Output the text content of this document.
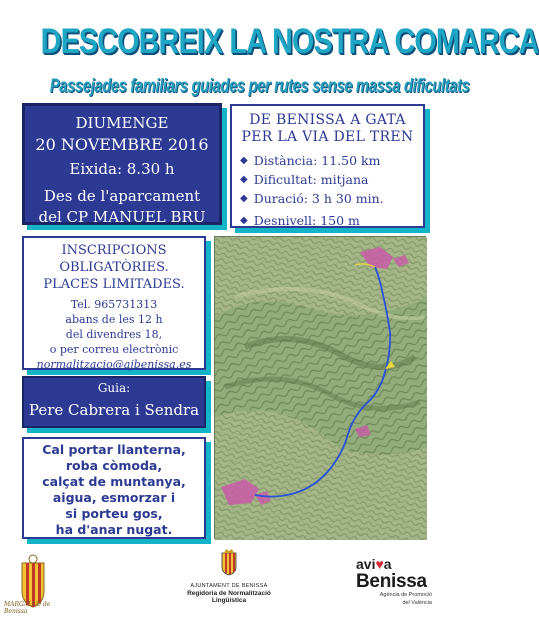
DESCOBREIX LA NOSTRA COMARCA
Passejades familiars guiades per rutes sense massa dificultats
DIUMENGE
20 NOVEMBRE 2016
Eixida: 8.30 h
Des de l'aparcament
del CP MANUEL BRU
DE BENISSA A GATA
PER LA VIA DEL TREN
◆ Distància: 11.50 km
◆ Dificultat: mitjana
◆ Duració: 3 h 30 min.
◆ Desnivell: 150 m
INSCRIPCIONS
OBLIGATÒRIES.
PLACES LIMITADES.
Tel. 965731313
abans de les 12 h
del divendres 18,
o per correu electrònic
normalitzacio@ajbenissa.es
Guia:
Pere Cabrera i Sendra
Cal portar llanterna,
roba còmoda,
calçat de muntanya,
aigua, esmorzar i
si porteu gos,
ha d'anar nugat.
MARGALLÓ de Benissa
AJUNTAMENT DE BENISSA
Regidoria de Normalització Lingüística
avi♥a
Benissa
Agència de Promoció
del València
